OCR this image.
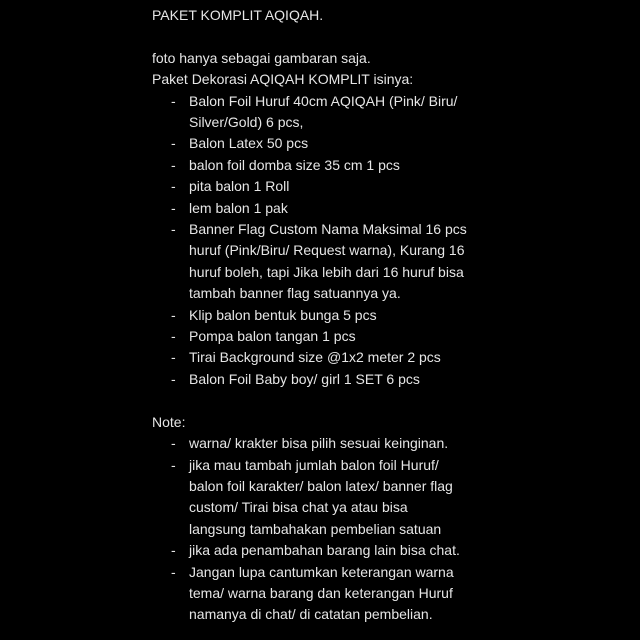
PAKET KOMPLIT AQIQAH.
foto hanya sebagai gambaran saja.
Paket Dekorasi AQIQAH KOMPLIT isinya:
- Balon Foil Huruf 40cm AQIQAH (Pink/ Biru/
Silver/Gold) 6 pcs,
- Balon Latex 50 pcs
- balon foil domba size 35 cm 1 pcs
- pita balon 1 Roll
- lem balon 1 pak
- Banner Flag Custom Nama Maksimal 16 pcs
huruf (Pink/Biru/ Request warna), Kurang 16
huruf boleh, tapi Jika lebih dari 16 huruf bisa
tambah banner flag satuannya ya.
- Klip balon bentuk bunga 5 pcs
- Pompa balon tangan 1 pcs
- Tirai Background size @1x2 meter 2 pcs
- Balon Foil Baby boy/ girl 1 SET 6 pcs
Note:
- warna/ krakter bisa pilih sesuai keinginan.
- jika mau tambah jumlah balon foil Huruf/
balon foil karakter/ balon latex/ banner flag
custom/ Tirai bisa chat ya atau bisa
langsung tambahakan pembelian satuan
- jika ada penambahan barang lain bisa chat.
- Jangan lupa cantumkan keterangan warna
tema/ warna barang dan keterangan Huruf
namanya di chat/ di catatan pembelian.
